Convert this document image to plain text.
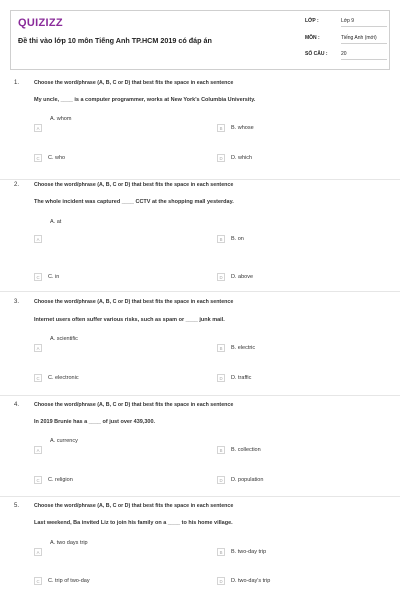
QUIZIZZ
Đề thi vào lớp 10 môn Tiếng Anh TP.HCM 2019 có đáp án
LỚP :	Lớp 9
MÔN :	Tiếng Anh (mới)
SỐ CÂU :	20
1.	Choose the word/phrase (A, B, C or D) that best fits the space in each sentence
My uncle, ____ is a computer programmer, works at New York's Columbia University.
A. whom
A	B	B. whose
C	C. who	D	D. which
2.	Choose the word/phrase (A, B, C or D) that best fits the space in each sentence
The whole incident was captured ____ CCTV at the shopping mall yesterday.
A. at
A	B	B. on
C	C. in	D	D. above
3.	Choose the word/phrase (A, B, C or D) that best fits the space in each sentence
Internet users often suffer various risks, such as spam or ____ junk mail.
A. scientific
A	B	B. electric
C	C. electronic	D	D. traffic
4.	Choose the word/phrase (A, B, C or D) that best fits the space in each sentence
In 2019 Brunie has a ____ of just over 439,300.
A. currency
A	B	B. collection
C	C. religion	D	D. population
5.	Choose the word/phrase (A, B, C or D) that best fits the space in each sentence
Last weekend, Ba invited Liz to join his family on a ____ to his home village.
A. two days trip
A	B	B. two-day trip
C	C. trip of two-day	D	D. two-day's trip
